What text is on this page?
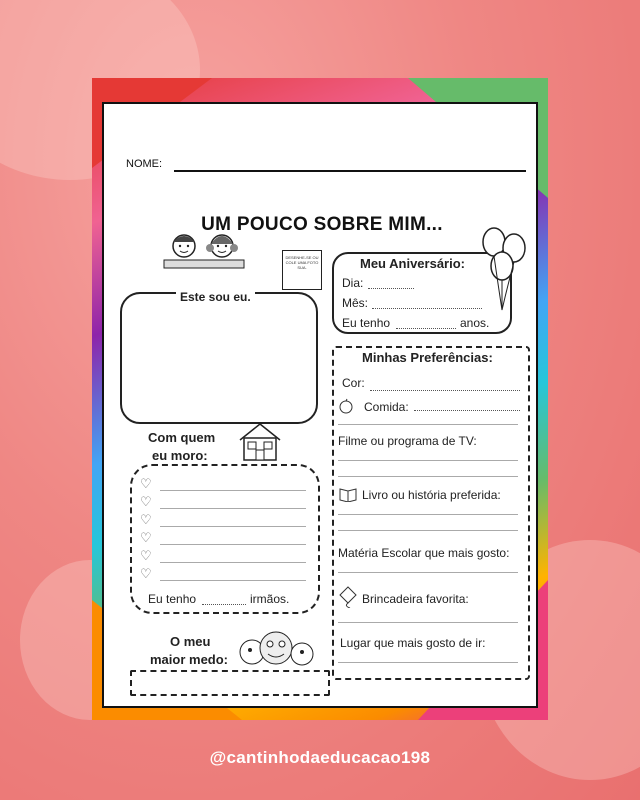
NOME:
UM POUCO SOBRE MIM...
DESENHE-SE OU COLE UMA FOTO SUA.
Este sou eu.
Meu Aniversário:
Dia:
Mês:
Eu tenho	anos.
Minhas Preferências:
Cor:
Comida:
Filme ou programa de TV:
Livro ou história preferida:
Matéria Escolar que mais gosto:
Brincadeira favorita:
Lugar que mais gosto de ir:
Com quem
eu moro:
♡
♡
♡
♡
♡
♡
Eu tenho	irmãos.
O meu
maior medo:
@cantinhodaeducacao198
